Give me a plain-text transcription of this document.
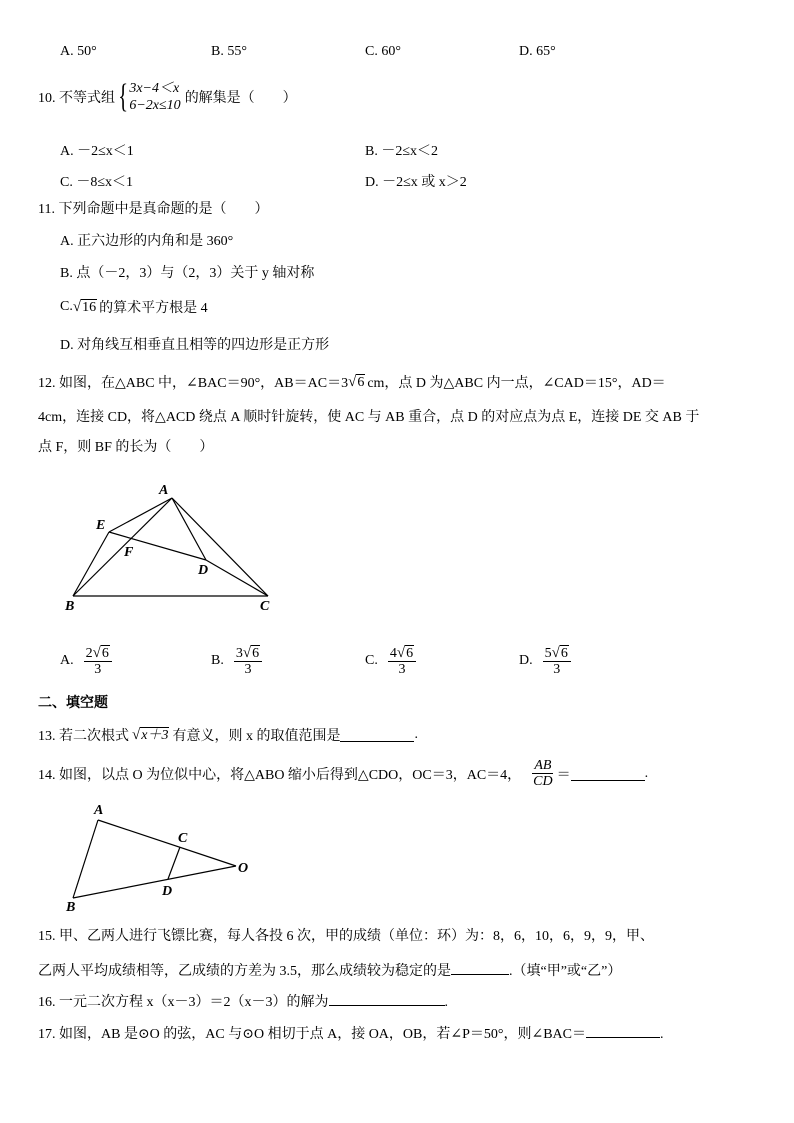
A. 50°	B. 55°	C. 60°	D. 65°
10. 不等式组 { 3x−4＜x
6−2x≤10 的解集是（　　）
A. －2≤x＜1	B. －2≤x＜2
C. －8≤x＜1	D. －2≤x 或 x＞2
11. 下列命题中是真命题的是（　　）
A. 正六边形的内角和是 360°
B. 点（－2，3）与（2，3）关于 y 轴对称
C. √ 16 的算术平方根是 4
D. 对角线互相垂直且相等的四边形是正方形
12. 如图，在△ABC 中，∠BAC＝90°，AB＝AC＝3 √ 6 cm，点 D 为△ABC 内一点，∠CAD＝15°，AD＝
4cm，连接 CD，将△ACD 绕点 A 顺时针旋转，使 AC 与 AB 重合，点 D 的对应点为点 E，连接 DE 交 AB 于
点 F，则 BF 的长为（　　）
A
B	C
D
E
F
A. $\frac{2 √ 6}{3}$	B. $\frac{3 √ 6}{3}$	C. $\frac{4 √ 6}{3}$	D. $\frac{5 √ 6}{3}$
二、填空题
13. 若二次根式 √ x＋3 有意义，则 x 的取值范围是	.
14. 如图，以点 O 为位似中心，将△ABO 缩小后得到△CDO，OC＝3，AC＝4， $\frac{AB}{CD}$ ＝	.
A
B
C
D
O
15. 甲、乙两人进行飞镖比赛，每人各投 6 次，甲的成绩（单位：环）为：8，6，10，6，9，9，甲、
乙两人平均成绩相等，乙成绩的方差为 3.5，那么成绩较为稳定的是	.（填“甲”或“乙”）
16. 一元二次方程 x（x－3）＝2（x－3）的解为	.
17. 如图，AB 是⊙O 的弦，AC 与⊙O 相切于点 A，接 OA，OB，若∠P＝50°，则∠BAC＝	.
